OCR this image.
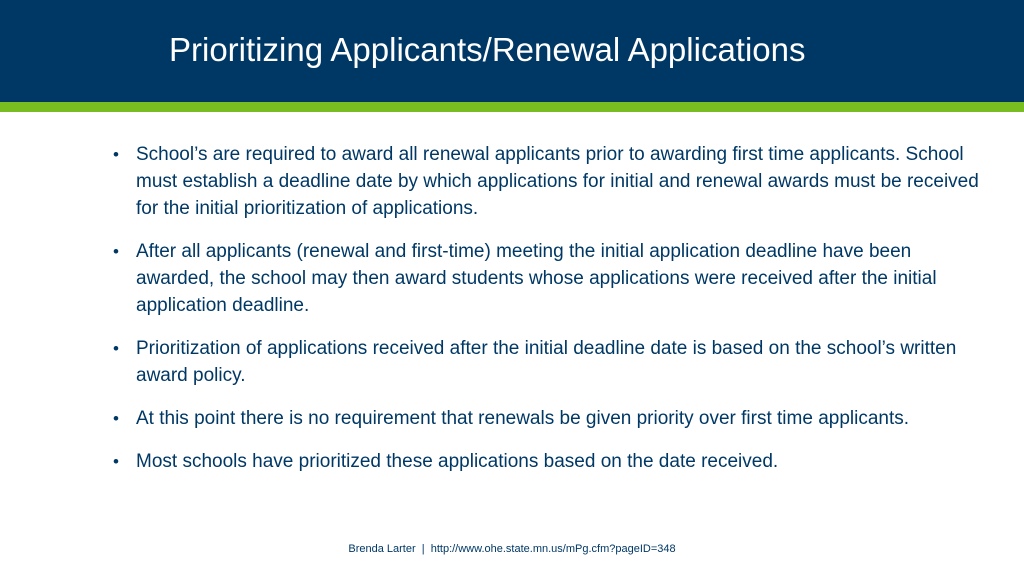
Prioritizing Applicants/Renewal Applications
• School’s are required to award all renewal applicants prior to awarding first time applicants. School must establish a deadline date by which applications for initial and renewal awards must be received for the initial prioritization of applications.
• After all applicants (renewal and first-time) meeting the initial application deadline have been awarded, the school may then award students whose applications were received after the initial application deadline.
• Prioritization of applications received after the initial deadline date is based on the school’s written award policy.
• At this point there is no requirement that renewals be given priority over first time applicants.
• Most schools have prioritized these applications based on the date received.
Brenda Larter  |  http://www.ohe.state.mn.us/mPg.cfm?pageID=348
